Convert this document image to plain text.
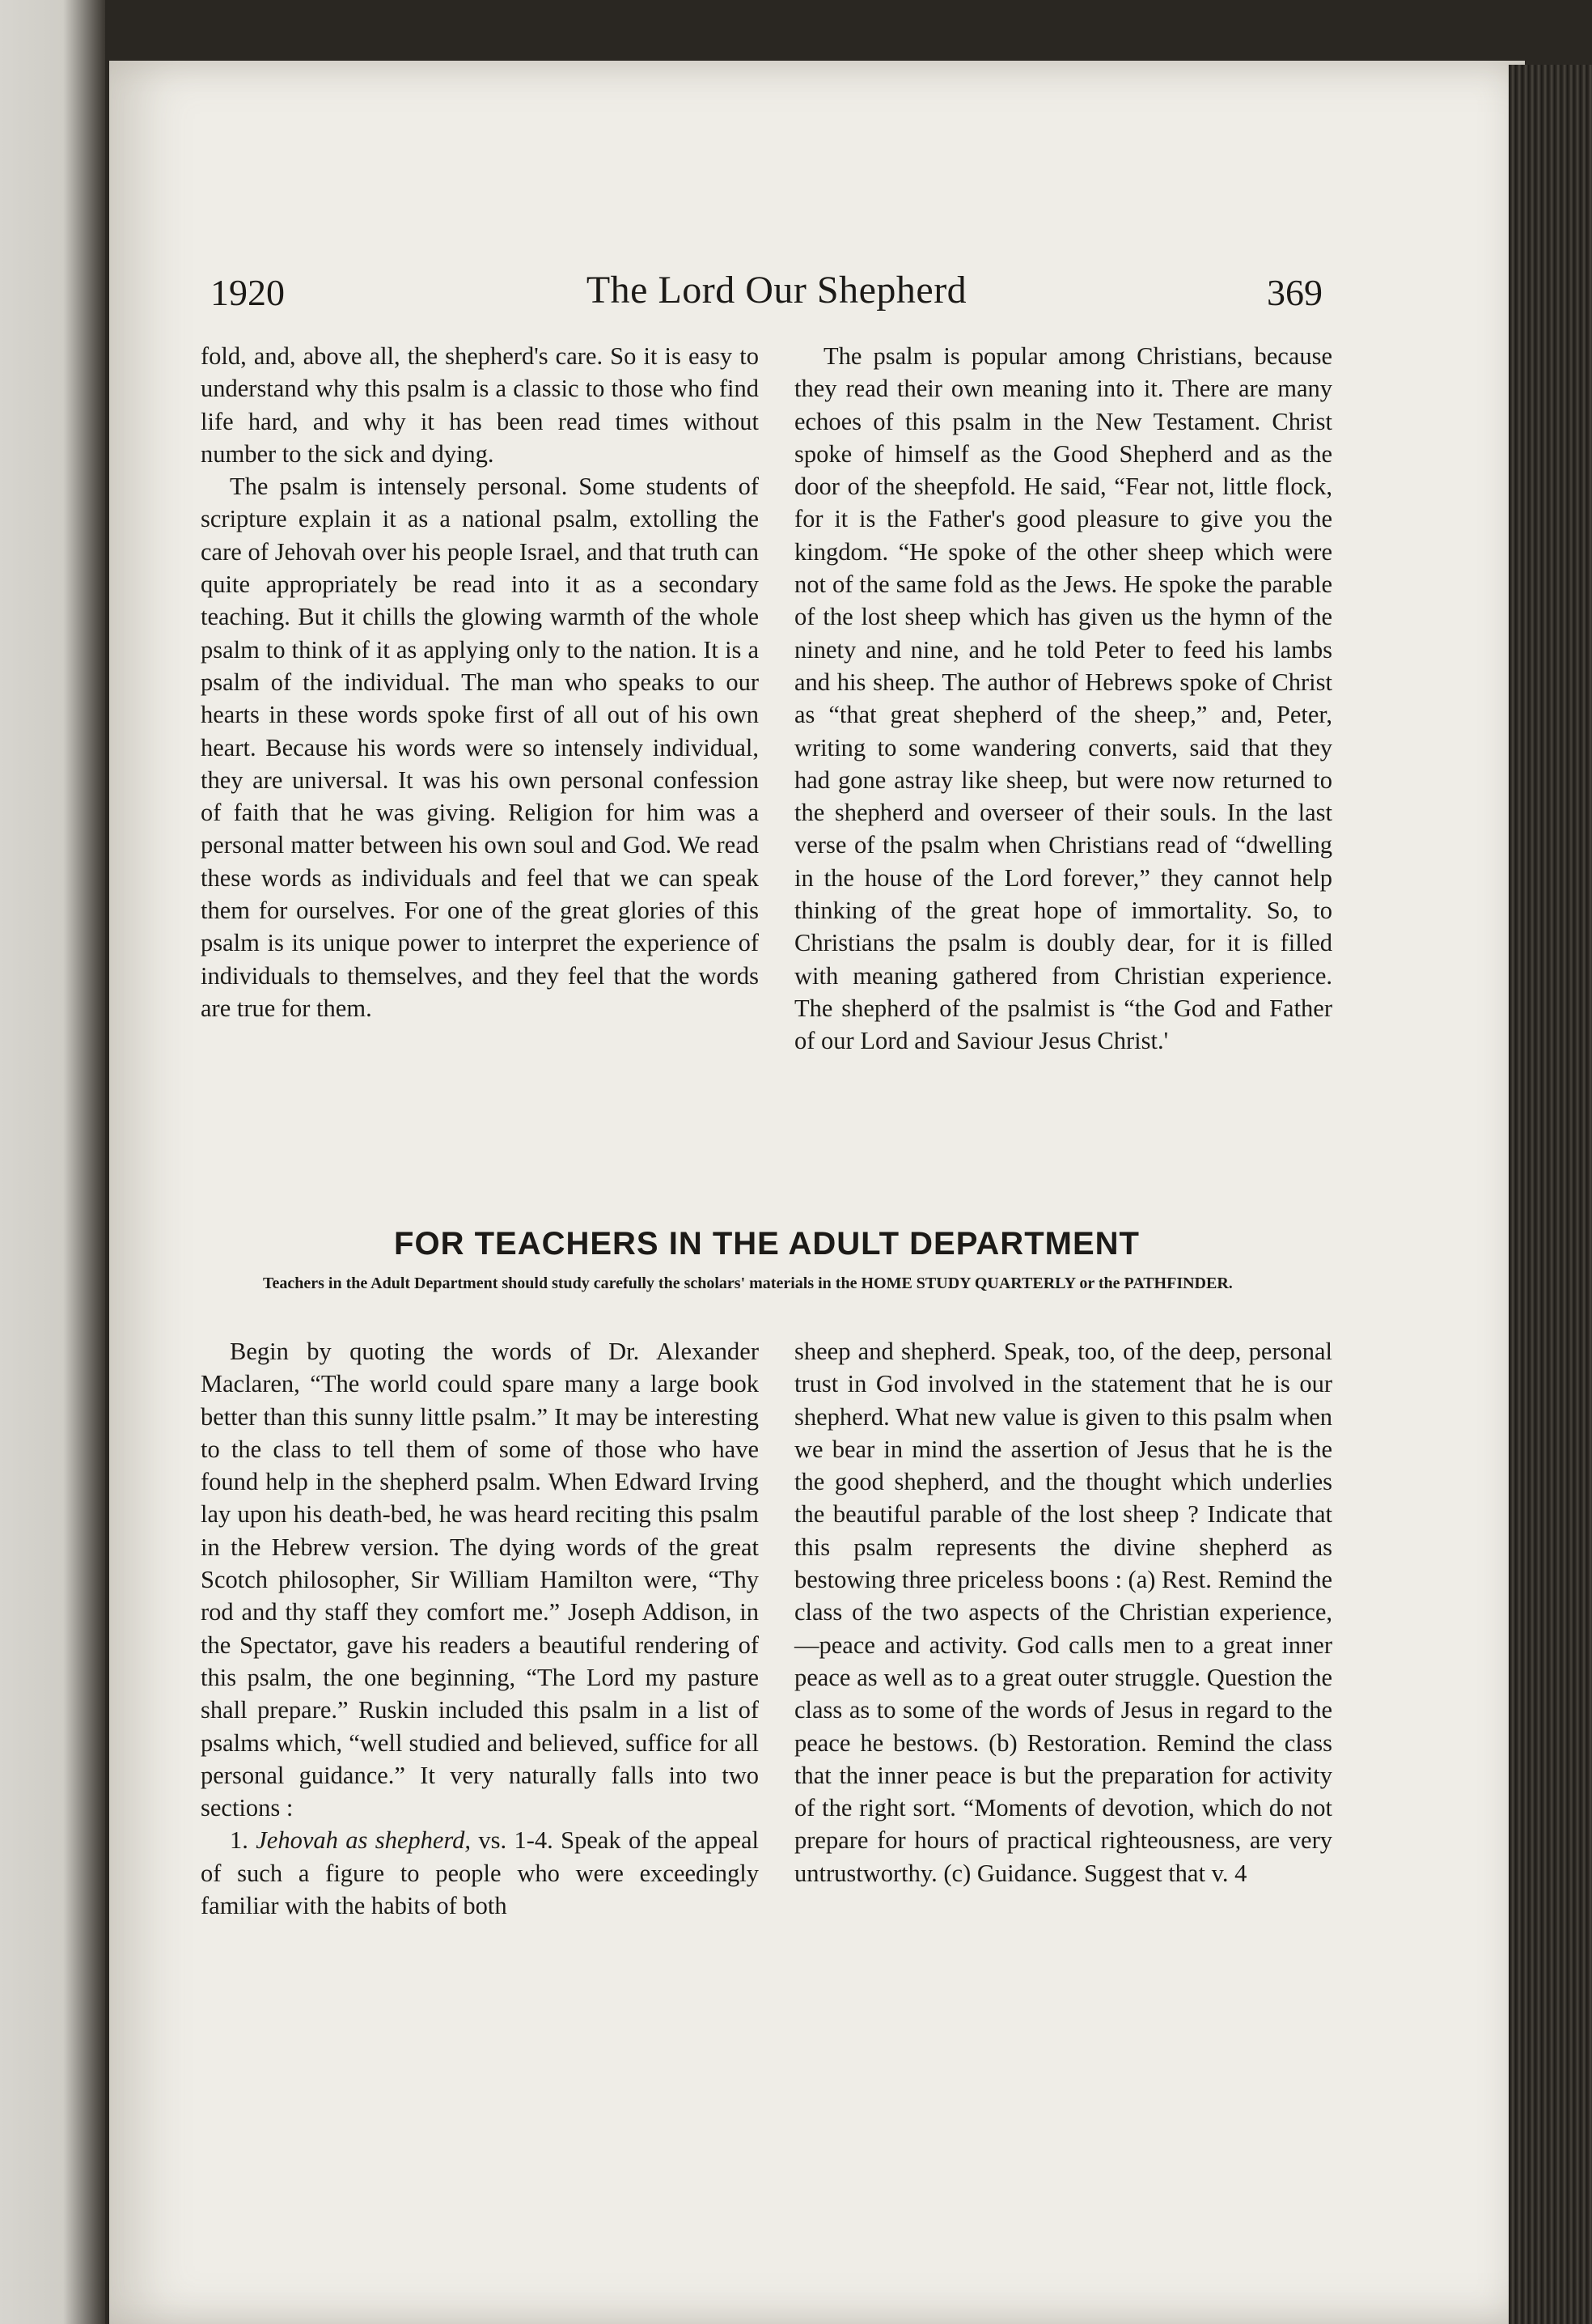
1920	The Lord Our Shepherd	369

fold, and, above all, the shepherd's care. So it is easy to understand why this psalm is a classic to those who find life hard, and why it has been read times without number to the sick and dying.

The psalm is intensely personal. Some students of scripture explain it as a national psalm, extolling the care of Jehovah over his people Israel, and that truth can quite appropriately be read into it as a secondary teaching. But it chills the glowing warmth of the whole psalm to think of it as applying only to the nation. It is a psalm of the individual. The man who speaks to our hearts in these words spoke first of all out of his own heart. Because his words were so intensely individual, they are universal. It was his own personal confession of faith that he was giving. Religion for him was a personal matter between his own soul and God. We read these words as individuals and feel that we can speak them for ourselves. For one of the great glories of this psalm is its unique power to interpret the experience of individuals to themselves, and they feel that the words are true for them.

The psalm is popular among Christians, because they read their own meaning into it. There are many echoes of this psalm in the New Testament. Christ spoke of himself as the Good Shepherd and as the door of the sheepfold. He said, “Fear not, little flock, for it is the Father's good pleasure to give you the kingdom. “He spoke of the other sheep which were not of the same fold as the Jews. He spoke the parable of the lost sheep which has given us the hymn of the ninety and nine, and he told Peter to feed his lambs and his sheep. The author of Hebrews spoke of Christ as “that great shepherd of the sheep,” and, Peter, writing to some wandering converts, said that they had gone astray like sheep, but were now returned to the shepherd and overseer of their souls. In the last verse of the psalm when Christians read of “dwelling in the house of the Lord forever,” they cannot help thinking of the great hope of immortality. So, to Christians the psalm is doubly dear, for it is filled with meaning gathered from Christian experience. The shepherd of the psalmist is “the God and Father of our Lord and Saviour Jesus Christ.'

FOR TEACHERS IN THE ADULT DEPARTMENT
Teachers in the Adult Department should study carefully the scholars' materials in the HOME STUDY QUARTERLY or the PATHFINDER.

Begin by quoting the words of Dr. Alexander Maclaren, “The world could spare many a large book better than this sunny little psalm.” It may be interesting to the class to tell them of some of those who have found help in the shepherd psalm. When Edward Irving lay upon his death-bed, he was heard reciting this psalm in the Hebrew version. The dying words of the great Scotch philosopher, Sir William Hamilton were, “Thy rod and thy staff they comfort me.” Joseph Addison, in the Spectator, gave his readers a beautiful rendering of this psalm, the one beginning, “The Lord my pasture shall prepare.” Ruskin included this psalm in a list of psalms which, “well studied and believed, suffice for all personal guidance.” It very naturally falls into two sections :

1. Jehovah as shepherd, vs. 1-4. Speak of the appeal of such a figure to people who were exceedingly familiar with the habits of both

sheep and shepherd. Speak, too, of the deep, personal trust in God involved in the statement that he is our shepherd. What new value is given to this psalm when we bear in mind the assertion of Jesus that he is the the good shepherd, and the thought which underlies the beautiful parable of the lost sheep ? Indicate that this psalm represents the divine shepherd as bestowing three priceless boons : (a) Rest. Remind the class of the two aspects of the Christian experience, —peace and activity. God calls men to a great inner peace as well as to a great outer struggle. Question the class as to some of the words of Jesus in regard to the peace he bestows. (b) Restoration. Remind the class that the inner peace is but the preparation for activity of the right sort. “Moments of devotion, which do not prepare for hours of practical righteousness, are very untrustworthy. (c) Guidance. Suggest that v. 4
